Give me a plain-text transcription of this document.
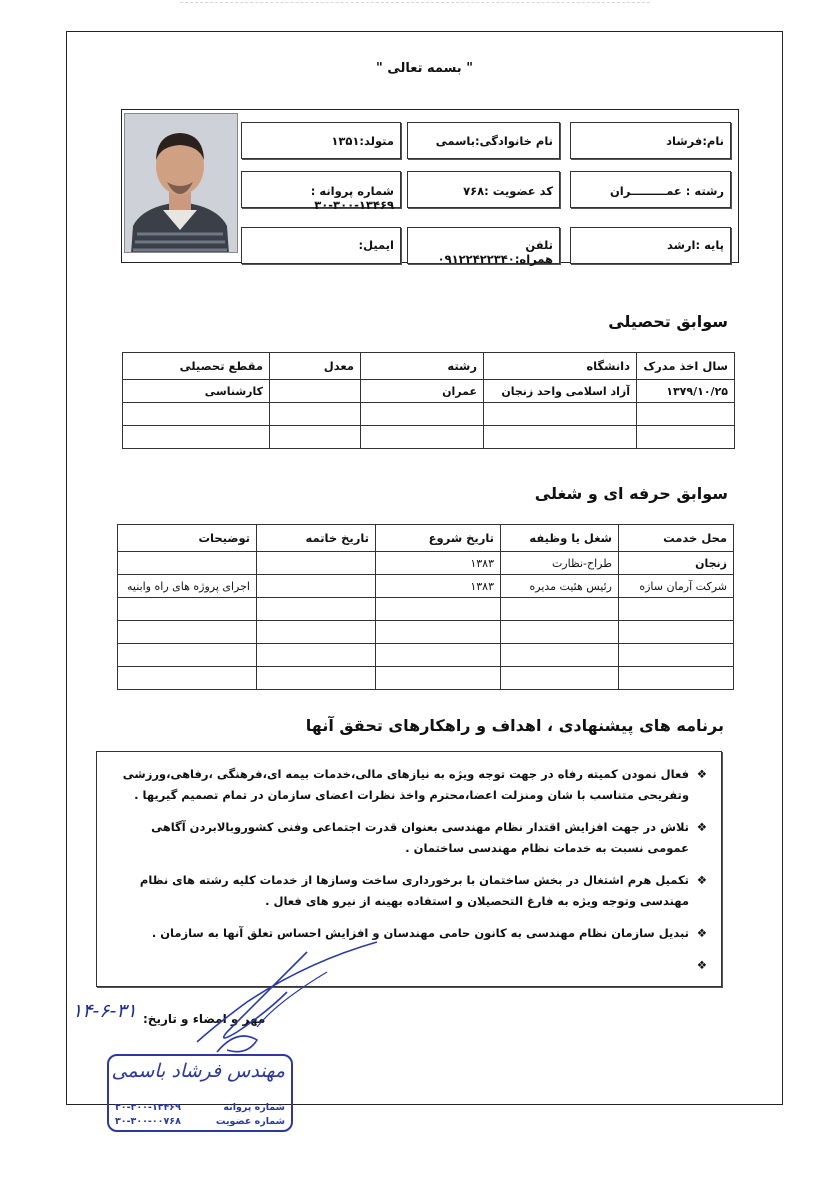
" بسمه تعالی "
نام:فرشاد
نام خانوادگی:باسمی
متولد:۱۳۵۱
رشته : عمـــــــــران
کد عضویت :۷۶۸
شماره پروانه : ۱۳۴۶۹-۳۰۰-۳۰
پایه :ارشد
تلفن همراه:۰۹۱۲۲۴۲۲۳۴۰
ایمیل:
سوابق تحصیلی
سال اخذ مدرک	دانشگاه	رشته	معدل	مقطع تحصیلی
۱۳۷۹/۱۰/۲۵	آزاد اسلامی واحد زنجان	عمران		کارشناسی

سوابق حرفه ای و شغلی
محل خدمت	شغل یا وظیفه	تاریخ شروع	تاریخ خاتمه	توضیحات
زنجان	طراح-نظارت	۱۳۸۳		
شرکت آرمان سازه	رئیس هئیت مدیره	۱۳۸۳		اجرای پروژه های راه وابنیه

برنامه های پیشنهادی ، اهداف و راهکارهای تحقق آنها
❖
فعال نمودن کمیته رفاه در جهت توجه ویژه به نیازهای مالی،خدمات بیمه ای،فرهنگی ،رفاهی،ورزشی وتفریحی متناسب با شان ومنزلت اعضا،محترم واخذ نظرات اعضای سازمان در تمام تصمیم گیریها .
❖
تلاش در جهت افزایش اقتدار نظام مهندسی بعنوان قدرت اجتماعی وفنی کشوروبالابردن آگاهی عمومی نسبت به خدمات نظام مهندسی ساختمان .
❖
تکمیل هرم اشتغال در بخش ساختمان با برخورداری ساخت وسازها از خدمات کلیه رشته های نظام مهندسی وتوجه ویژه به فارغ التحصیلان و استفاده بهینه از نیرو های فعال .
❖
تبدیل سازمان نظام مهندسی به کانون حامی مهندسان و افزایش احساس تعلق آنها به سازمان .
❖
مهر و امضاء و تاریخ:
۱۴-۶-۳۱
مهندس فرشاد باسمی
شماره پروانه
۳۰-۳۰۰-۱۳۴۶۹
شماره عضویت
۳۰-۳۰۰-۰۰۷۶۸
